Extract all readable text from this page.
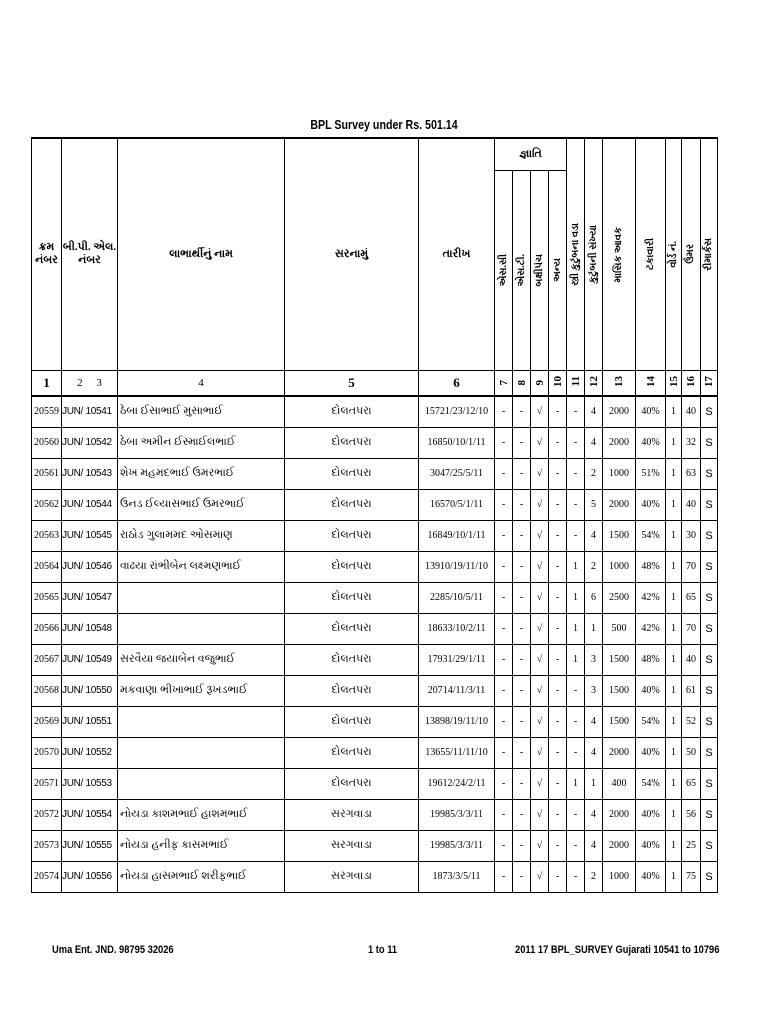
BPL Survey under Rs. 501.14
ક્રમ નંબર	બી.પી. એલ. નંબર	લાભાર્થીનું નામ	સરનામું	તારીખ	જ્ઞાતિ				સ્ત્રી કુટુંબના વડા	કુટુંબની સંખ્યા	માસિક આવક	ટકાવારી	વોર્ડ નં.	ઉંમર	રીમાર્કસ

					એસ.સી	એસ.ટી.	બક્ષીપંચ	અન્ય							

1	2 3	4	5	6	7	8	9	10	11	12	13	14	15	16	17
20559	JUN/ 10541	ઠેબા ઈસાભાઈ મુસાભાઈ	દોલતપરા	15721/23/12/10	-	-	√	-	-	4	2000	40%	1	40	S
20560	JUN/ 10542	ઠેબા અમીન ઈસ્માઈલભાઈ	દોલતપરા	16850/10/1/11	-	-	√	-	-	4	2000	40%	1	32	S
20561	JUN/ 10543	શેખ મહમદભાઈ ઉમરભાઈ	દોલતપરા	3047/25/5/11	-	-	√	-	-	2	1000	51%	1	63	S
20562	JUN/ 10544	ઉનડ ઈલ્યાસભાઈ ઉમરભાઈ	દોલતપરા	16570/5/1/11	-	-	√	-	-	5	2000	40%	1	40	S
20563	JUN/ 10545	રાઠોડ ગુલામમદ ઓસમાણ	દોલતપરા	16849/10/1/11	-	-	√	-	-	4	1500	54%	1	30	S
20564	JUN/ 10546	વાઢયા રાંભીબેન લક્ષ્મણભાઈ	દોલતપરા	13910/19/11/10	-	-	√	-	1	2	1000	48%	1	70	S
20565	JUN/ 10547		દોલતપરા	2285/10/5/11	-	-	√	-	1	6	2500	42%	1	65	S
20566	JUN/ 10548		દોલતપરા	18633/10/2/11	-	-	√	-	1	1	500	42%	1	70	S
20567	JUN/ 10549	સરવૈયા જયાબેન વજુભાઈ	દોલતપરા	17931/29/1/11	-	-	√	-	1	3	1500	48%	1	40	S
20568	JUN/ 10550	મકવાણા ભીખાભાઈ રૂખડભાઈ	દોલતપરા	20714/11/3/11	-	-	√	-	-	3	1500	40%	1	61	S
20569	JUN/ 10551		દોલતપરા	13898/19/11/10	-	-	√	-	-	4	1500	54%	1	52	S
20570	JUN/ 10552		દોલતપરા	13655/11/11/10	-	-	√	-	-	4	2000	40%	1	50	S
20571	JUN/ 10553		દોલતપરા	19612/24/2/11	-	-	√	-	1	1	400	54%	1	65	S
20572	JUN/ 10554	નોયડા કાશમભાઈ હાશમભાઈ	સરગવાડા	19985/3/3/11	-	-	√	-	-	4	2000	40%	1	56	S
20573	JUN/ 10555	નોયડા હનીફ કાસમભાઈ	સરગવાડા	19985/3/3/11	-	-	√	-	-	4	2000	40%	1	25	S
20574	JUN/ 10556	નોયડા હાસમભાઈ શરીફભાઈ	સરગવાડા	1873/3/5/11	-	-	√	-	-	2	1000	40%	1	75	S
Uma Ent. JND. 98795 32026	1 to 11	2011 17 BPL_SURVEY Gujarati 10541 to 10796
